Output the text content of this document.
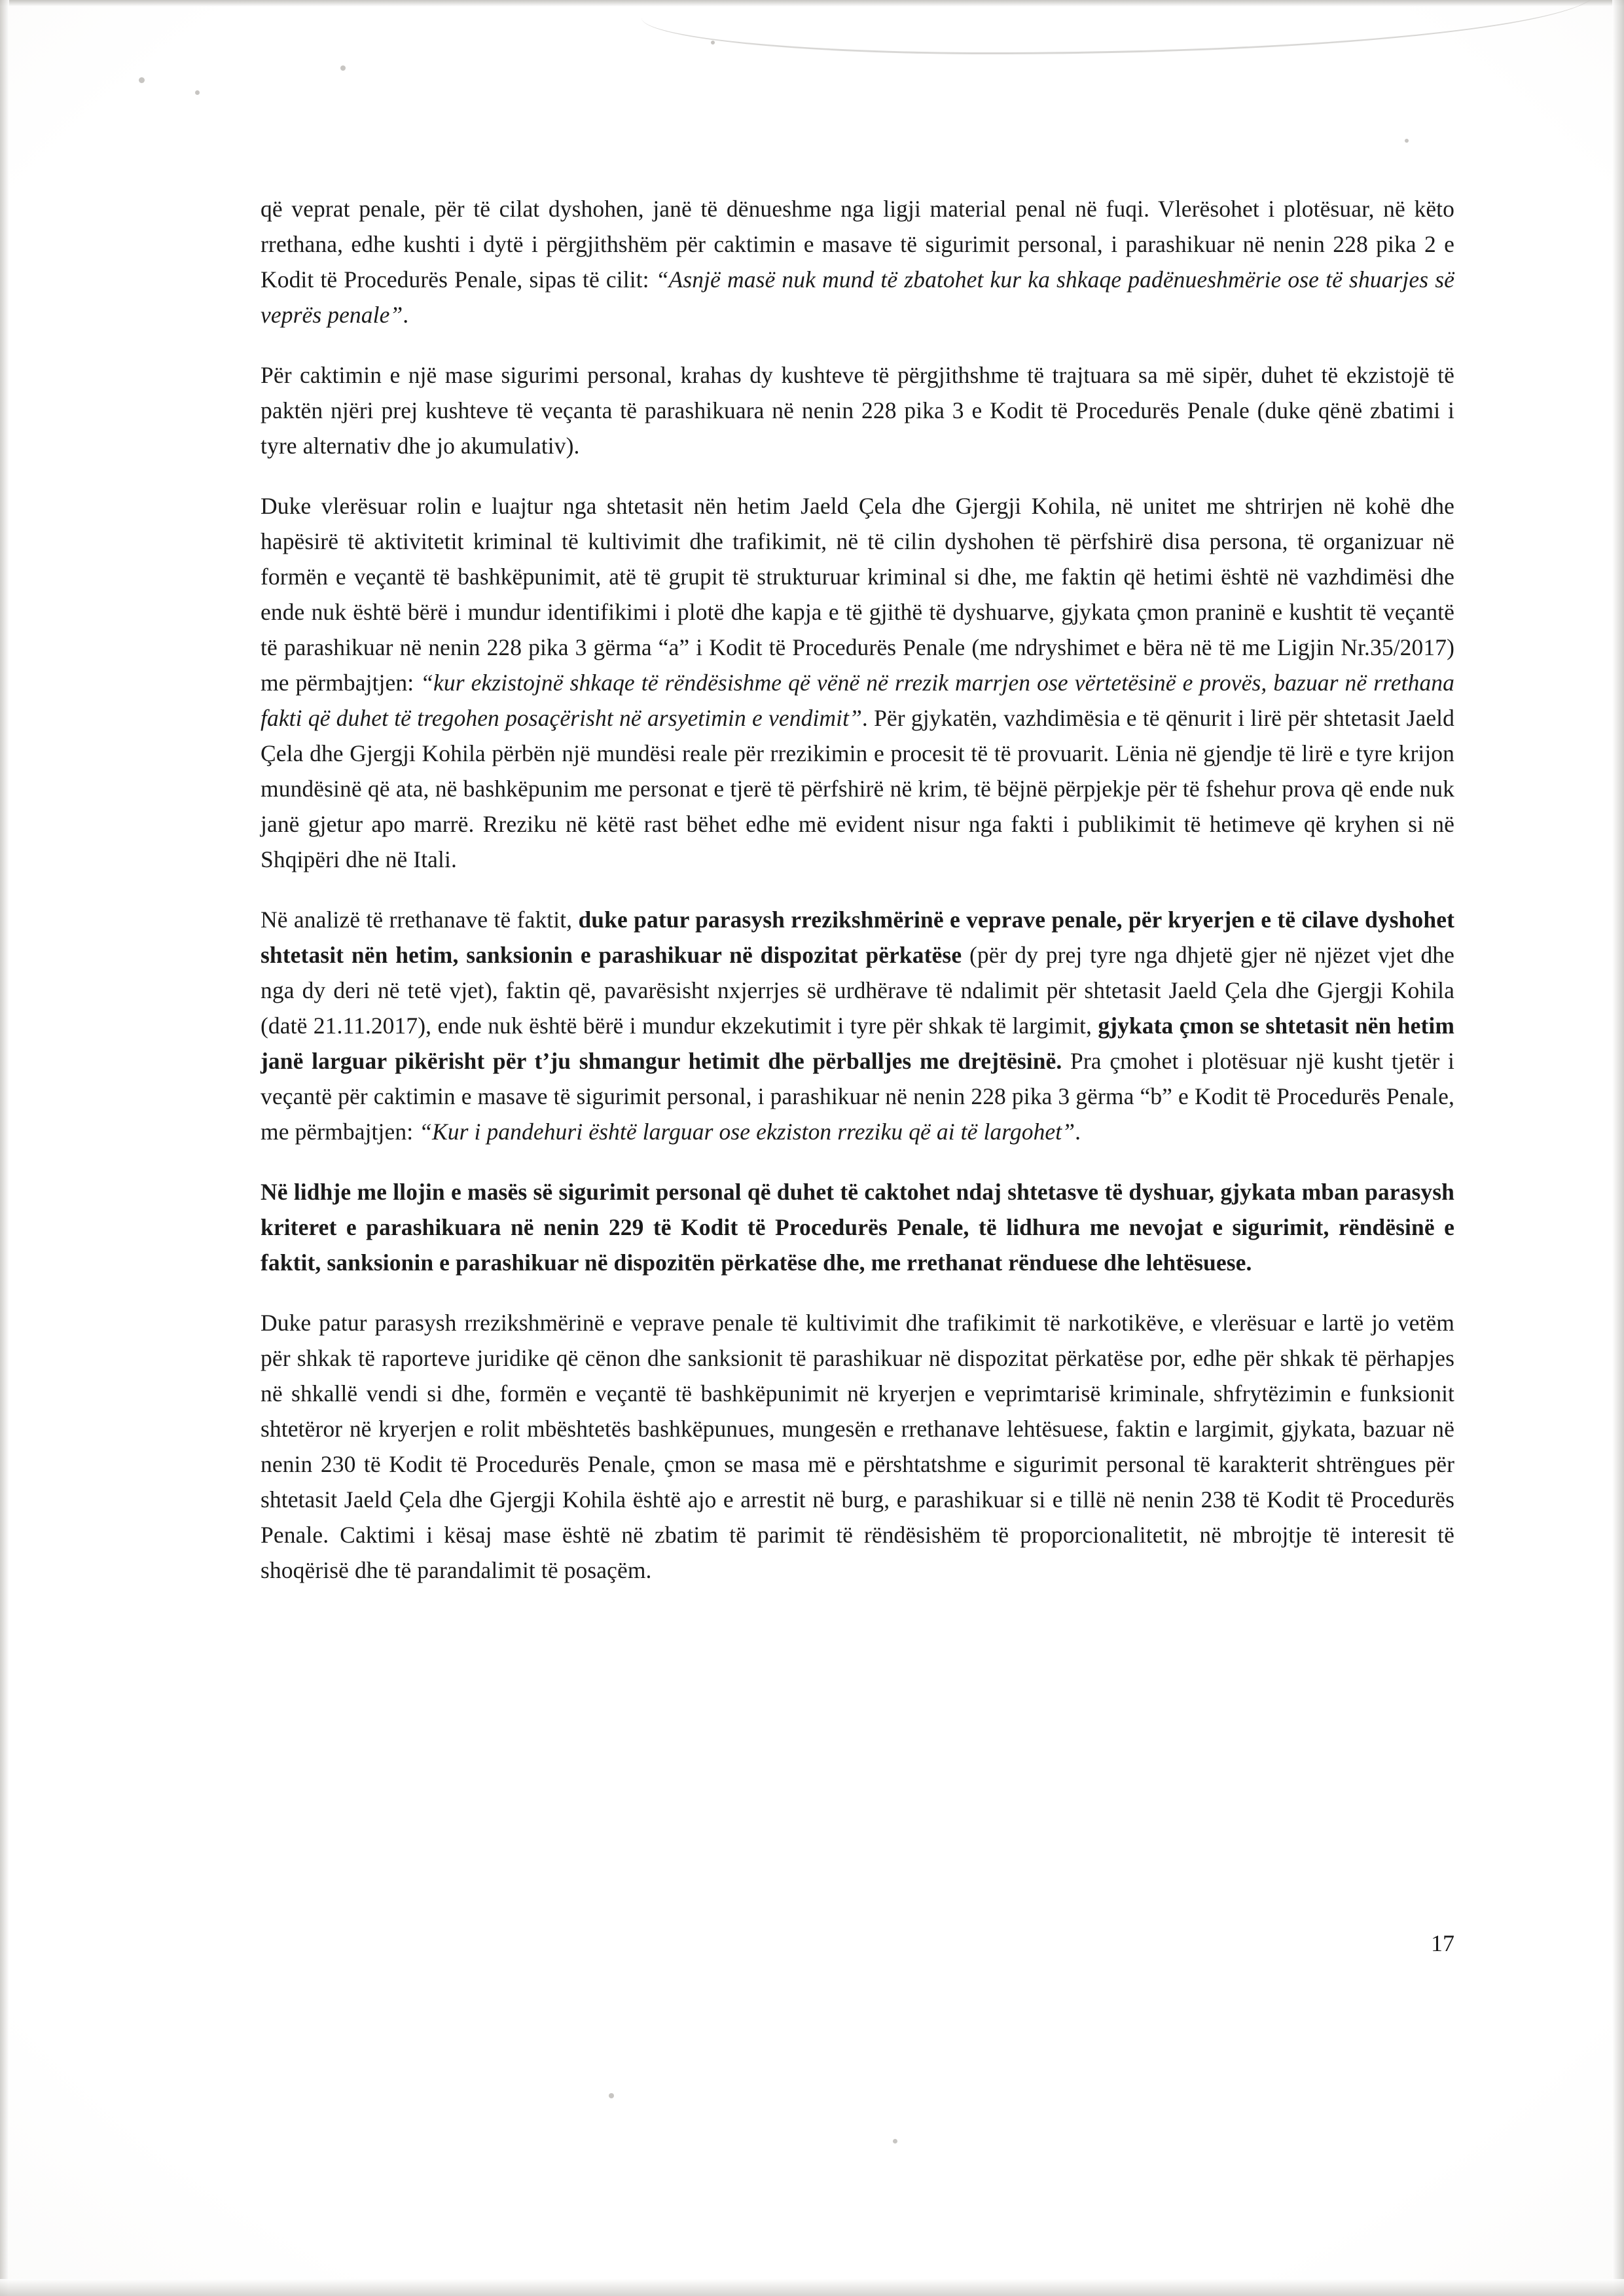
që veprat penale, për të cilat dyshohen, janë të dënueshme nga ligji material penal në fuqi. Vlerësohet i plotësuar, në këto rrethana, edhe kushti i dytë i përgjithshëm për caktimin e masave të sigurimit personal, i parashikuar në nenin 228 pika 2 e Kodit të Procedurës Penale, sipas të cilit: “Asnjë masë nuk mund të zbatohet kur ka shkaqe padënueshmërie ose të shuarjes së veprës penale”.

Për caktimin e një mase sigurimi personal, krahas dy kushteve të përgjithshme të trajtuara sa më sipër, duhet të ekzistojë të paktën njëri prej kushteve të veçanta të parashikuara në nenin 228 pika 3 e Kodit të Procedurës Penale (duke qënë zbatimi i tyre alternativ dhe jo akumulativ).

Duke vlerësuar rolin e luajtur nga shtetasit nën hetim Jaeld Çela dhe Gjergji Kohila, në unitet me shtrirjen në kohë dhe hapësirë të aktivitetit kriminal të kultivimit dhe trafikimit, në të cilin dyshohen të përfshirë disa persona, të organizuar në formën e veçantë të bashkëpunimit, atë të grupit të strukturuar kriminal si dhe, me faktin që hetimi është në vazhdimësi dhe ende nuk është bërë i mundur identifikimi i plotë dhe kapja e të gjithë të dyshuarve, gjykata çmon praninë e kushtit të veçantë të parashikuar në nenin 228 pika 3 gërma “a” i Kodit të Procedurës Penale (me ndryshimet e bëra në të me Ligjin Nr.35/2017) me përmbajtjen: “kur ekzistojnë shkaqe të rëndësishme që vënë në rrezik marrjen ose vërtetësinë e provës, bazuar në rrethana fakti që duhet të tregohen posaçërisht në arsyetimin e vendimit”. Për gjykatën, vazhdimësia e të qënurit i lirë për shtetasit Jaeld Çela dhe Gjergji Kohila përbën një mundësi reale për rrezikimin e procesit të të provuarit. Lënia në gjendje të lirë e tyre krijon mundësinë që ata, në bashkëpunim me personat e tjerë të përfshirë në krim, të bëjnë përpjekje për të fshehur prova që ende nuk janë gjetur apo marrë. Rreziku në këtë rast bëhet edhe më evident nisur nga fakti i publikimit të hetimeve që kryhen si në Shqipëri dhe në Itali.

Në analizë të rrethanave të faktit, duke patur parasysh rrezikshmërinë e veprave penale, për kryerjen e të cilave dyshohet shtetasit nën hetim, sanksionin e parashikuar në dispozitat përkatëse (për dy prej tyre nga dhjetë gjer në njëzet vjet dhe nga dy deri në tetë vjet), faktin që, pavarësisht nxjerrjes së urdhërave të ndalimit për shtetasit Jaeld Çela dhe Gjergji Kohila (datë 21.11.2017), ende nuk është bërë i mundur ekzekutimit i tyre për shkak të largimit, gjykata çmon se shtetasit nën hetim janë larguar pikërisht për t’ju shmangur hetimit dhe përballjes me drejtësinë. Pra çmohet i plotësuar një kusht tjetër i veçantë për caktimin e masave të sigurimit personal, i parashikuar në nenin 228 pika 3 gërma “b” e Kodit të Procedurës Penale, me përmbajtjen: “Kur i pandehuri është larguar ose ekziston rreziku që ai të largohet”.

Në lidhje me llojin e masës së sigurimit personal që duhet të caktohet ndaj shtetasve të dyshuar, gjykata mban parasysh kriteret e parashikuara në nenin 229 të Kodit të Procedurës Penale, të lidhura me nevojat e sigurimit, rëndësinë e faktit, sanksionin e parashikuar në dispozitën përkatëse dhe, me rrethanat rënduese dhe lehtësuese.

Duke patur parasysh rrezikshmërinë e veprave penale të kultivimit dhe trafikimit të narkotikëve, e vlerësuar e lartë jo vetëm për shkak të raporteve juridike që cënon dhe sanksionit të parashikuar në dispozitat përkatëse por, edhe për shkak të përhapjes në shkallë vendi si dhe, formën e veçantë të bashkëpunimit në kryerjen e veprimtarisë kriminale, shfrytëzimin e funksionit shtetëror në kryerjen e rolit mbështetës bashkëpunues, mungesën e rrethanave lehtësuese, faktin e largimit, gjykata, bazuar në nenin 230 të Kodit të Procedurës Penale, çmon se masa më e përshtatshme e sigurimit personal të karakterit shtrëngues për shtetasit Jaeld Çela dhe Gjergji Kohila është ajo e arrestit në burg, e parashikuar si e tillë në nenin 238 të Kodit të Procedurës Penale. Caktimi i kësaj mase është në zbatim të parimit të rëndësishëm të proporcionalitetit, në mbrojtje të interesit të shoqërisë dhe të parandalimit të posaçëm.

17
